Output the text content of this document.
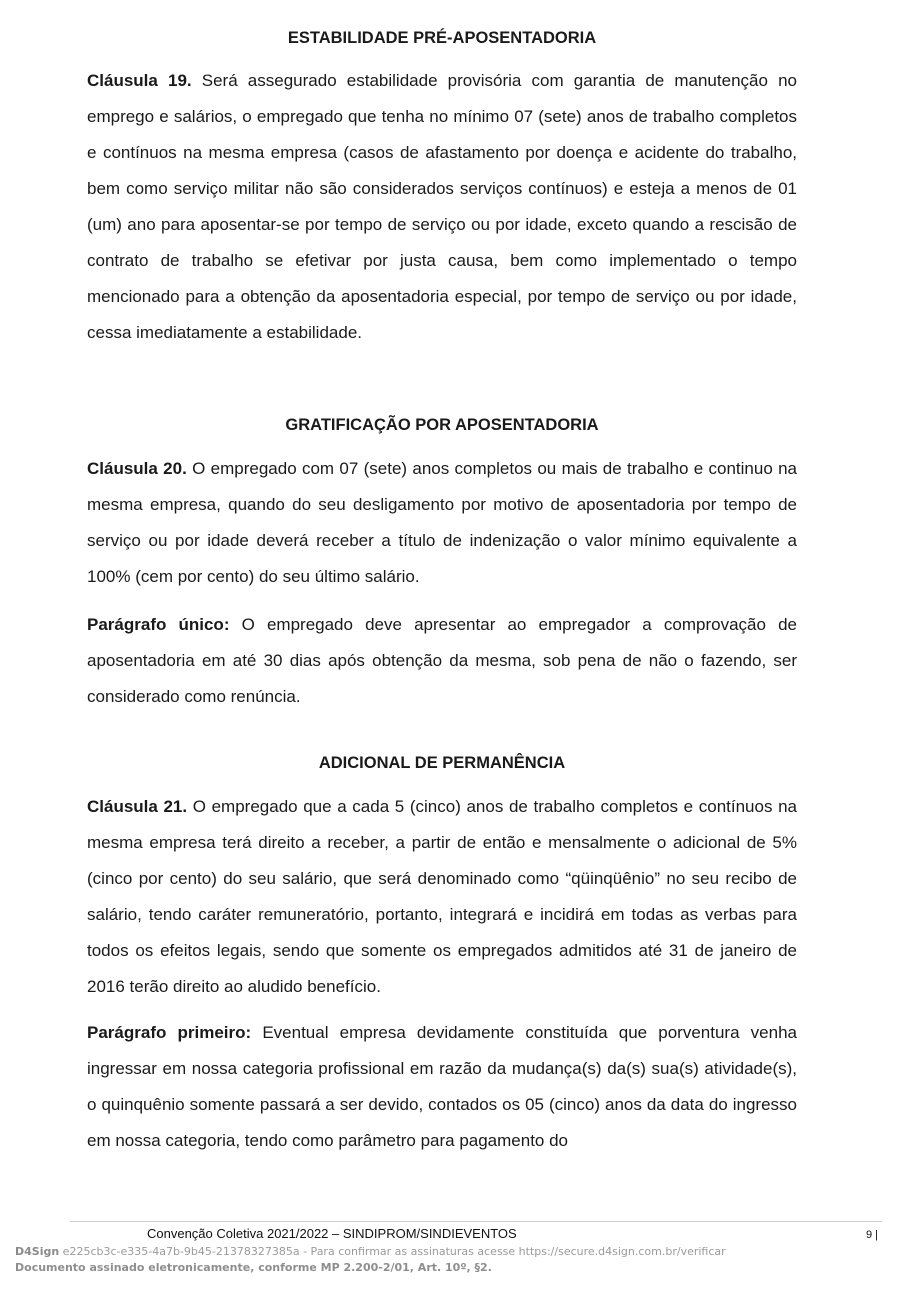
ESTABILIDADE PRÉ-APOSENTADORIA

Cláusula 19. Será assegurado estabilidade provisória com garantia de manutenção no emprego e salários, o empregado que tenha no mínimo 07 (sete) anos de trabalho completos e contínuos na mesma empresa (casos de afastamento por doença e acidente do trabalho, bem como serviço militar não são considerados serviços contínuos) e esteja a menos de 01 (um) ano para aposentar-se por tempo de serviço ou por idade, exceto quando a rescisão de contrato de trabalho se efetivar por justa causa, bem como implementado o tempo mencionado para a obtenção da aposentadoria especial, por tempo de serviço ou por idade, cessa imediatamente a estabilidade.

GRATIFICAÇÃO POR APOSENTADORIA

Cláusula 20. O empregado com 07 (sete) anos completos ou mais de trabalho e continuo na mesma empresa, quando do seu desligamento por motivo de aposentadoria por tempo de serviço ou por idade deverá receber a título de indenização o valor mínimo equivalente a 100% (cem por cento) do seu último salário.

Parágrafo único: O empregado deve apresentar ao empregador a comprovação de aposentadoria em até 30 dias após obtenção da mesma, sob pena de não o fazendo, ser considerado como renúncia.

ADICIONAL DE PERMANÊNCIA

Cláusula 21. O empregado que a cada 5 (cinco) anos de trabalho completos e contínuos na mesma empresa terá direito a receber, a partir de então e mensalmente o adicional de 5% (cinco por cento) do seu salário, que será denominado como “qüinqüênio” no seu recibo de salário, tendo caráter remuneratório, portanto, integrará e incidirá em todas as verbas para todos os efeitos legais, sendo que somente os empregados admitidos até 31 de janeiro de 2016 terão direito ao aludido benefício.

Parágrafo primeiro: Eventual empresa devidamente constituída que porventura venha ingressar em nossa categoria profissional em razão da mudança(s) da(s) sua(s) atividade(s), o quinquênio somente passará a ser devido, contados os 05 (cinco) anos da data do ingresso em nossa categoria, tendo como parâmetro para pagamento do

Convenção Coletiva 2021/2022 – SINDIPROM/SINDIEVENTOS	9 |
D4Sign e225cb3c-e335-4a7b-9b45-21378327385a - Para confirmar as assinaturas acesse https://secure.d4sign.com.br/verificar
Documento assinado eletronicamente, conforme MP 2.200-2/01, Art. 10º, §2.
